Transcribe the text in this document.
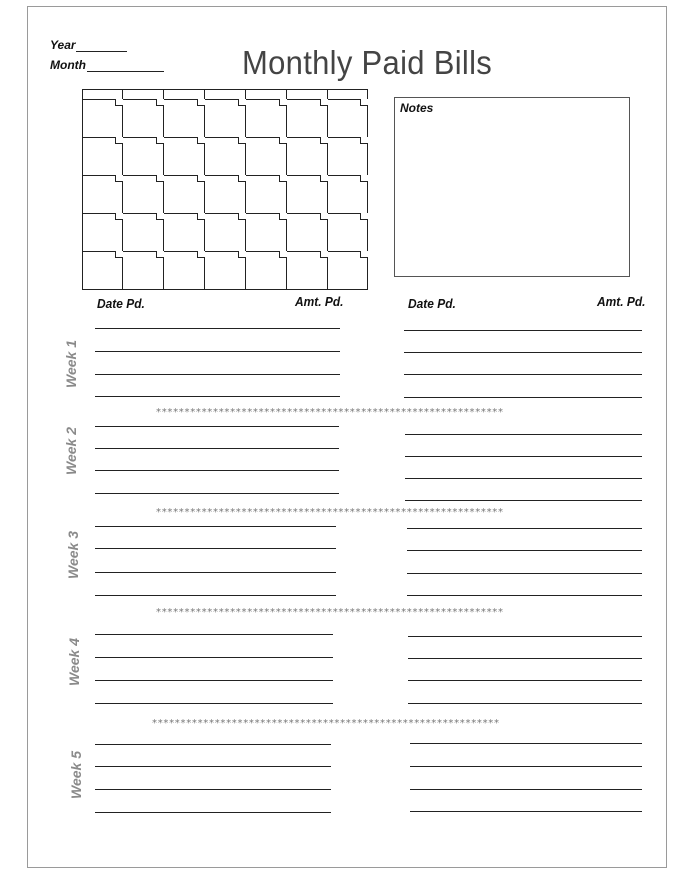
Year
Month	Monthly Paid Bills

Notes
Date Pd.	Amt. Pd.	Date Pd.	Amt. Pd.
Week 1
*************************************************************
Week 2
*************************************************************
Week 3
*************************************************************
Week 4
*************************************************************
Week 5
